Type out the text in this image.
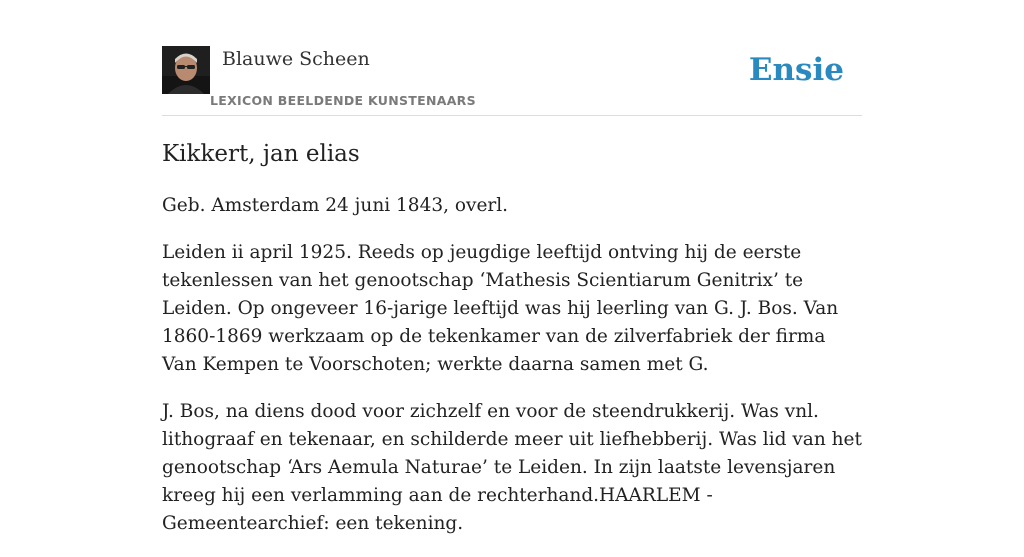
Blauwe Scheen
LEXICON BEELDENDE KUNSTENAARS
Ensie
Kikkert, jan elias

Geb. Amsterdam 24 juni 1843, overl.

Leiden ii april 1925. Reeds op jeugdige leeftijd ontving hij de eerste tekenlessen van het genootschap ‘Mathesis Scientiarum Genitrix’ te Leiden. Op ongeveer 16-jarige leeftijd was hij leerling van G. J. Bos. Van 1860-1869 werkzaam op de tekenkamer van de zilverfabriek der firma Van Kempen te Voorschoten; werkte daarna samen met G.

J. Bos, na diens dood voor zichzelf en voor de steendrukkerij. Was vnl. lithograaf en tekenaar, en schilderde meer uit liefhebberij. Was lid van het genootschap ‘Ars Aemula Naturae’ te Leiden. In zijn laatste levensjaren kreeg hij een verlamming aan de rechterhand.HAARLEM -Gemeentearchief: een tekening.
